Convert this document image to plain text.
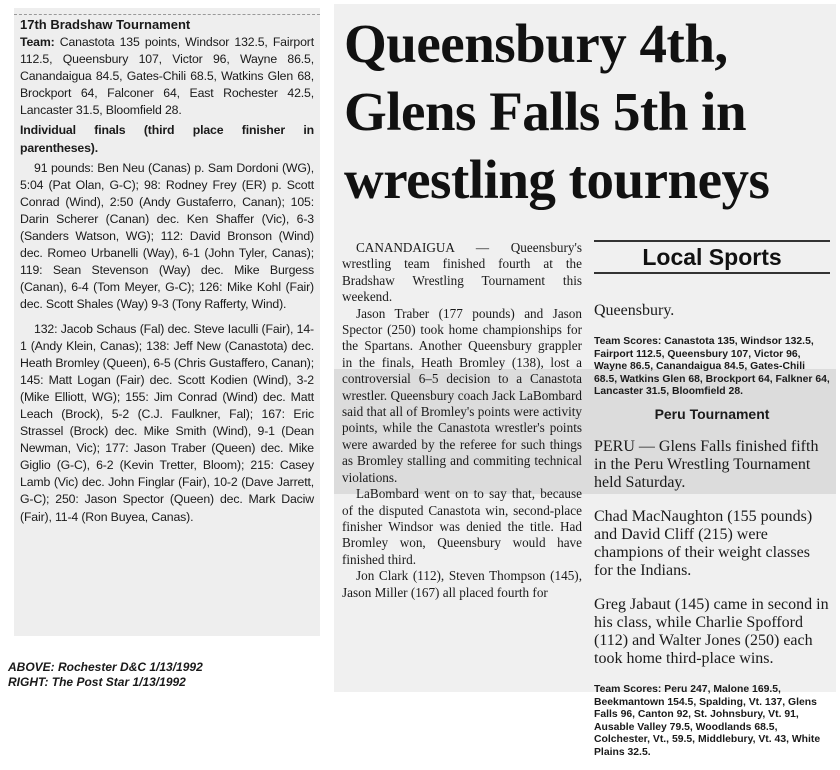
17th Bradshaw Tournament

Team: Canastota 135 points, Windsor 132.5, Fairport 112.5, Queensbury 107, Victor 96, Wayne 86.5, Canandaigua 84.5, Gates-Chili 68.5, Watkins Glen 68, Brockport 64, Falconer 64, East Rochester 42.5, Lancaster 31.5, Bloomfield 28.

Individual finals (third place finisher in parentheses).

91 pounds: Ben Neu (Canas) p. Sam Dordoni (WG), 5:04 (Pat Olan, G-C); 98: Rodney Frey (ER) p. Scott Conrad (Wind), 2:50 (Andy Gustaferro, Canan); 105: Darin Scherer (Canan) dec. Ken Shaffer (Vic), 6-3 (Sanders Watson, WG); 112: David Bronson (Wind) dec. Romeo Urbanelli (Way), 6-1 (John Tyler, Canas); 119: Sean Stevenson (Way) dec. Mike Burgess (Canan), 6-4 (Tom Meyer, G-C); 126: Mike Kohl (Fair) dec. Scott Shales (Way) 9-3 (Tony Rafferty, Wind).

132: Jacob Schaus (Fal) dec. Steve Iaculli (Fair), 14-1 (Andy Klein, Canas); 138: Jeff New (Canastota) dec. Heath Bromley (Queen), 6-5 (Chris Gustaffero, Canan); 145: Matt Logan (Fair) dec. Scott Kodien (Wind), 3-2 (Mike Elliott, WG); 155: Jim Conrad (Wind) dec. Matt Leach (Brock), 5-2 (C.J. Faulkner, Fal); 167: Eric Strassel (Brock) dec. Mike Smith (Wind), 9-1 (Dean Newman, Vic); 177: Jason Traber (Queen) dec. Mike Giglio (G-C), 6-2 (Kevin Tretter, Bloom); 215: Casey Lamb (Vic) dec. John Finglar (Fair), 10-2 (Dave Jarrett, G-C); 250: Jason Spector (Queen) dec. Mark Daciw (Fair), 11-4 (Ron Buyea, Canas).

ABOVE: Rochester D&C 1/13/1992
RIGHT: The Post Star 1/13/1992
Queensbury 4th, Glens Falls 5th in wrestling tourneys

CANANDAIGUA — Queensbury's wrestling team finished fourth at the Bradshaw Wrestling Tournament this weekend.

Jason Traber (177 pounds) and Jason Spector (250) took home championships for the Spartans. Another Queensbury grappler in the finals, Heath Bromley (138), lost a controversial 6–5 decision to a Canastota wrestler. Queensbury coach Jack LaBombard said that all of Bromley's points were activity points, while the Canastota wrestler's points were awarded by the referee for such things as Bromley stalling and commiting technical violations.

LaBombard went on to say that, because of the disputed Canastota win, second-place finisher Windsor was denied the title. Had Bromley won, Queensbury would have finished third.

Jon Clark (112), Steven Thompson (145), Jason Miller (167) all placed fourth for

Local Sports

Queensbury.

Team Scores: Canastota 135, Windsor 132.5, Fairport 112.5, Queensbury 107, Victor 96, Wayne 86.5, Canandaigua 84.5, Gates-Chili 68.5, Watkins Glen 68, Brockport 64, Falkner 64, Lancaster 31.5, Bloomfield 28.

Peru Tournament

PERU — Glens Falls finished fifth in the Peru Wrestling Tournament held Saturday.

Chad MacNaughton (155 pounds) and David Cliff (215) were champions of their weight classes for the Indians.

Greg Jabaut (145) came in second in his class, while Charlie Spofford (112) and Walter Jones (250) each took home third-place wins.

Team Scores: Peru 247, Malone 169.5, Beekmantown 154.5, Spalding, Vt. 137, Glens Falls 96, Canton 92, St. Johnsbury, Vt. 91, Ausable Valley 79.5, Woodlands 68.5, Colchester, Vt., 59.5, Middlebury, Vt. 43, White Plains 32.5.
